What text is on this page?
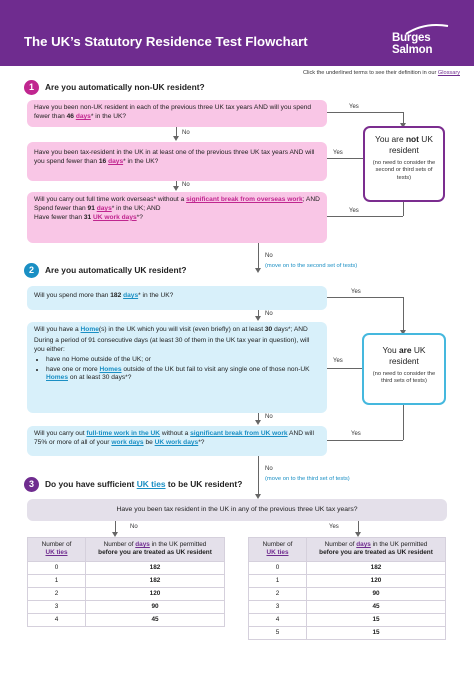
The UK’s Statutory Residence Test Flowchart	Burges
Salmon
Click the underlined terms to see their definition in our Glossary
1	Are you automatically non-UK resident?

Have you been non-UK resident in each of the previous three UK tax years AND will you spend fewer than 46 days* in the UK?

Have you been tax-resident in the UK in at least one of the previous three UK tax years AND will you spend fewer than 16 days* in the UK?

Will you carry out full time work overseas* without a significant break from overseas work; AND

Spend fewer than 91 days* in the UK; AND

Have fewer than 31 UK work days*?

Yes
Yes
Yes
No
No
No
(move on to the second set of tests)
You are not UK resident
(no need to consider the second or third sets of tests)
2	Are you automatically UK resident?

Will you spend more than 182 days* in the UK?

Will you have a Home(s) in the UK which you will visit (even briefly) on at least 30 days*; AND

During a period of 91 consecutive days (at least 30 of them in the UK tax year in question), will you either:

• have no Home outside of the UK; or
• have one or more Homes outside of the UK but fail to visit any single one of those non-UK Homes on at least 30 days*?

Will you carry out full-time work in the UK without a significant break from UK work AND will 75% or more of all of your work days be UK work days*?

Yes
Yes
Yes
No
No
No
(move on to the third set of tests)
You are UK resident
(no need to consider the third sets of tests)
3	Do you have sufficient UK ties to be UK resident?

Have you been tax resident in the UK in any of the previous three UK tax years?

No	Yes
Number of
UK ties	Number of days in the UK permitted
before you are treated as UK resident
0	182
1	182
2	120
3	90
4	45
Number of
UK ties	Number of days in the UK permitted
before you are treated as UK resident
0	182
1	120
2	90
3	45
4	15
5	15
